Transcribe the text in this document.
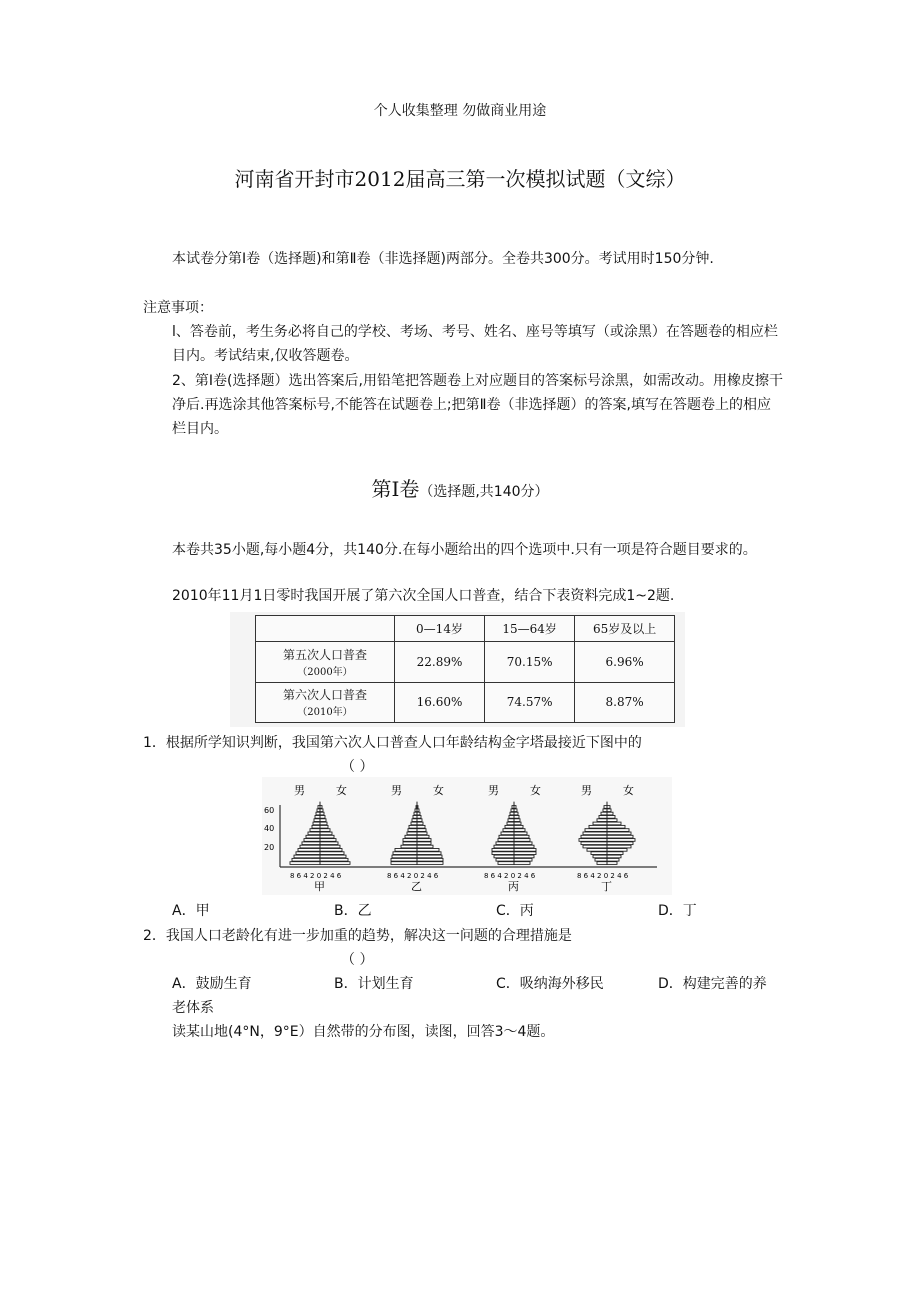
个人收集整理 勿做商业用途
河南省开封市2012届高三第一次模拟试题（文综）
本试卷分第Ⅰ卷（选择题)和第Ⅱ卷（非选择题)两部分。全卷共300分。考试用时150分钟.
注意事项：
l、答卷前，考生务必将自己的学校、考场、考号、姓名、座号等填写（或涂黑）在答题卷的相应栏目内。考试结束,仅收答题卷。
2、第Ⅰ卷(选择题）选出答案后,用铅笔把答题卷上对应题目的答案标号涂黑，如需改动。用橡皮擦干净后.再选涂其他答案标号,不能答在试题卷上;把第Ⅱ卷（非选择题）的答案,填写在答题卷上的相应栏目内。
第Ⅰ卷（选择题,共140分）
本卷共35小题,每小题4分，共140分.在每小题给出的四个选项中.只有一项是符合题目要求的。
2010年11月1日零时我国开展了第六次全国人口普查，结合下表资料完成1~2题.
	0—14岁	15—64岁	65岁及以上

第五次人口普查
（2000年）	22.89%	70.15%	6.96%

第六次人口普查
（2010年）	16.60%	74.57%	8.87%
1．根据所学知识判断，我国第六次人口普查人口年龄结构金字塔最接近下图中的
（ ）
60
40
20
男	女
8 6 4 2 0 2 4 6
甲
男	女
8 6 4 2 0 2 4 6
乙
男	女
8 6 4 2 0 2 4 6
丙
男	女
8 6 4 2 0 2 4 6
丁
A．甲	B．乙	C．丙	D．丁
2．我国人口老龄化有进一步加重的趋势，解决这一问题的合理措施是
（ ）
A．鼓励生育	B．计划生育	C．吸纳海外移民	D．构建完善的养
老体系
读某山地(4°N，9°E）自然带的分布图，读图，回答3～4题。
